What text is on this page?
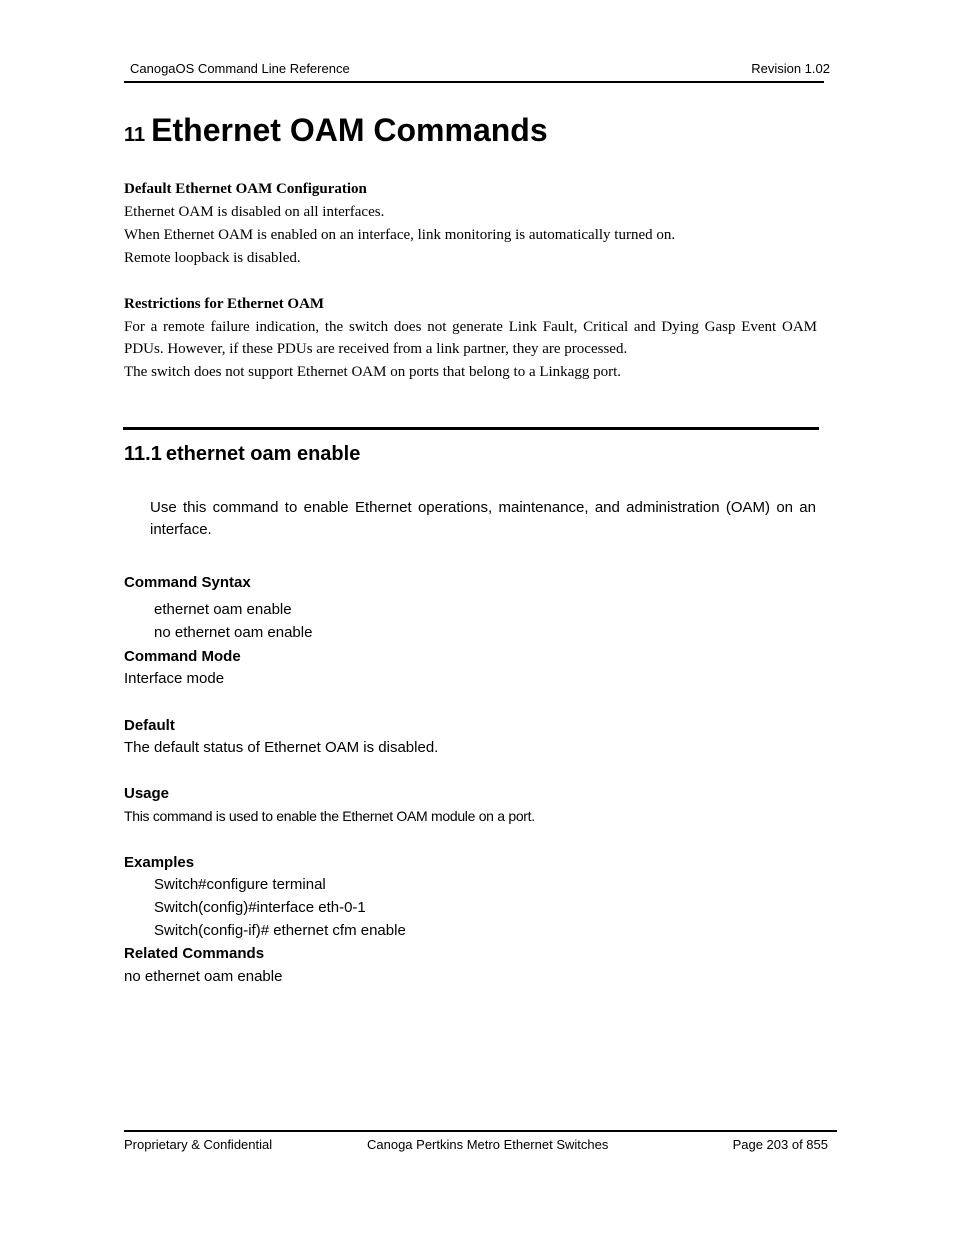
CanogaOS Command Line Reference	Revision 1.02
11 Ethernet OAM Commands
Default Ethernet OAM Configuration
Ethernet OAM is disabled on all interfaces.
When Ethernet OAM is enabled on an interface, link monitoring is automatically turned on.
Remote loopback is disabled.
Restrictions for Ethernet OAM
For a remote failure indication, the switch does not generate Link Fault, Critical and Dying Gasp Event OAM
PDUs. However, if these PDUs are received from a link partner, they are processed.
The switch does not support Ethernet OAM on ports that belong to a Linkagg port.
11.1 ethernet oam enable
Use this command to enable Ethernet operations, maintenance, and administration (OAM) on an
interface.
Command Syntax
ethernet oam enable
no ethernet oam enable
Command Mode
Interface mode
Default
The default status of Ethernet OAM is disabled.
Usage
This command is used to enable the Ethernet OAM module on a port.
Examples
Switch#configure terminal
Switch(config)#interface eth-0-1
Switch(config-if)# ethernet cfm enable
Related Commands
no ethernet oam enable
Proprietary & Confidential	Canoga Pertkins Metro Ethernet Switches	Page 203 of 855
